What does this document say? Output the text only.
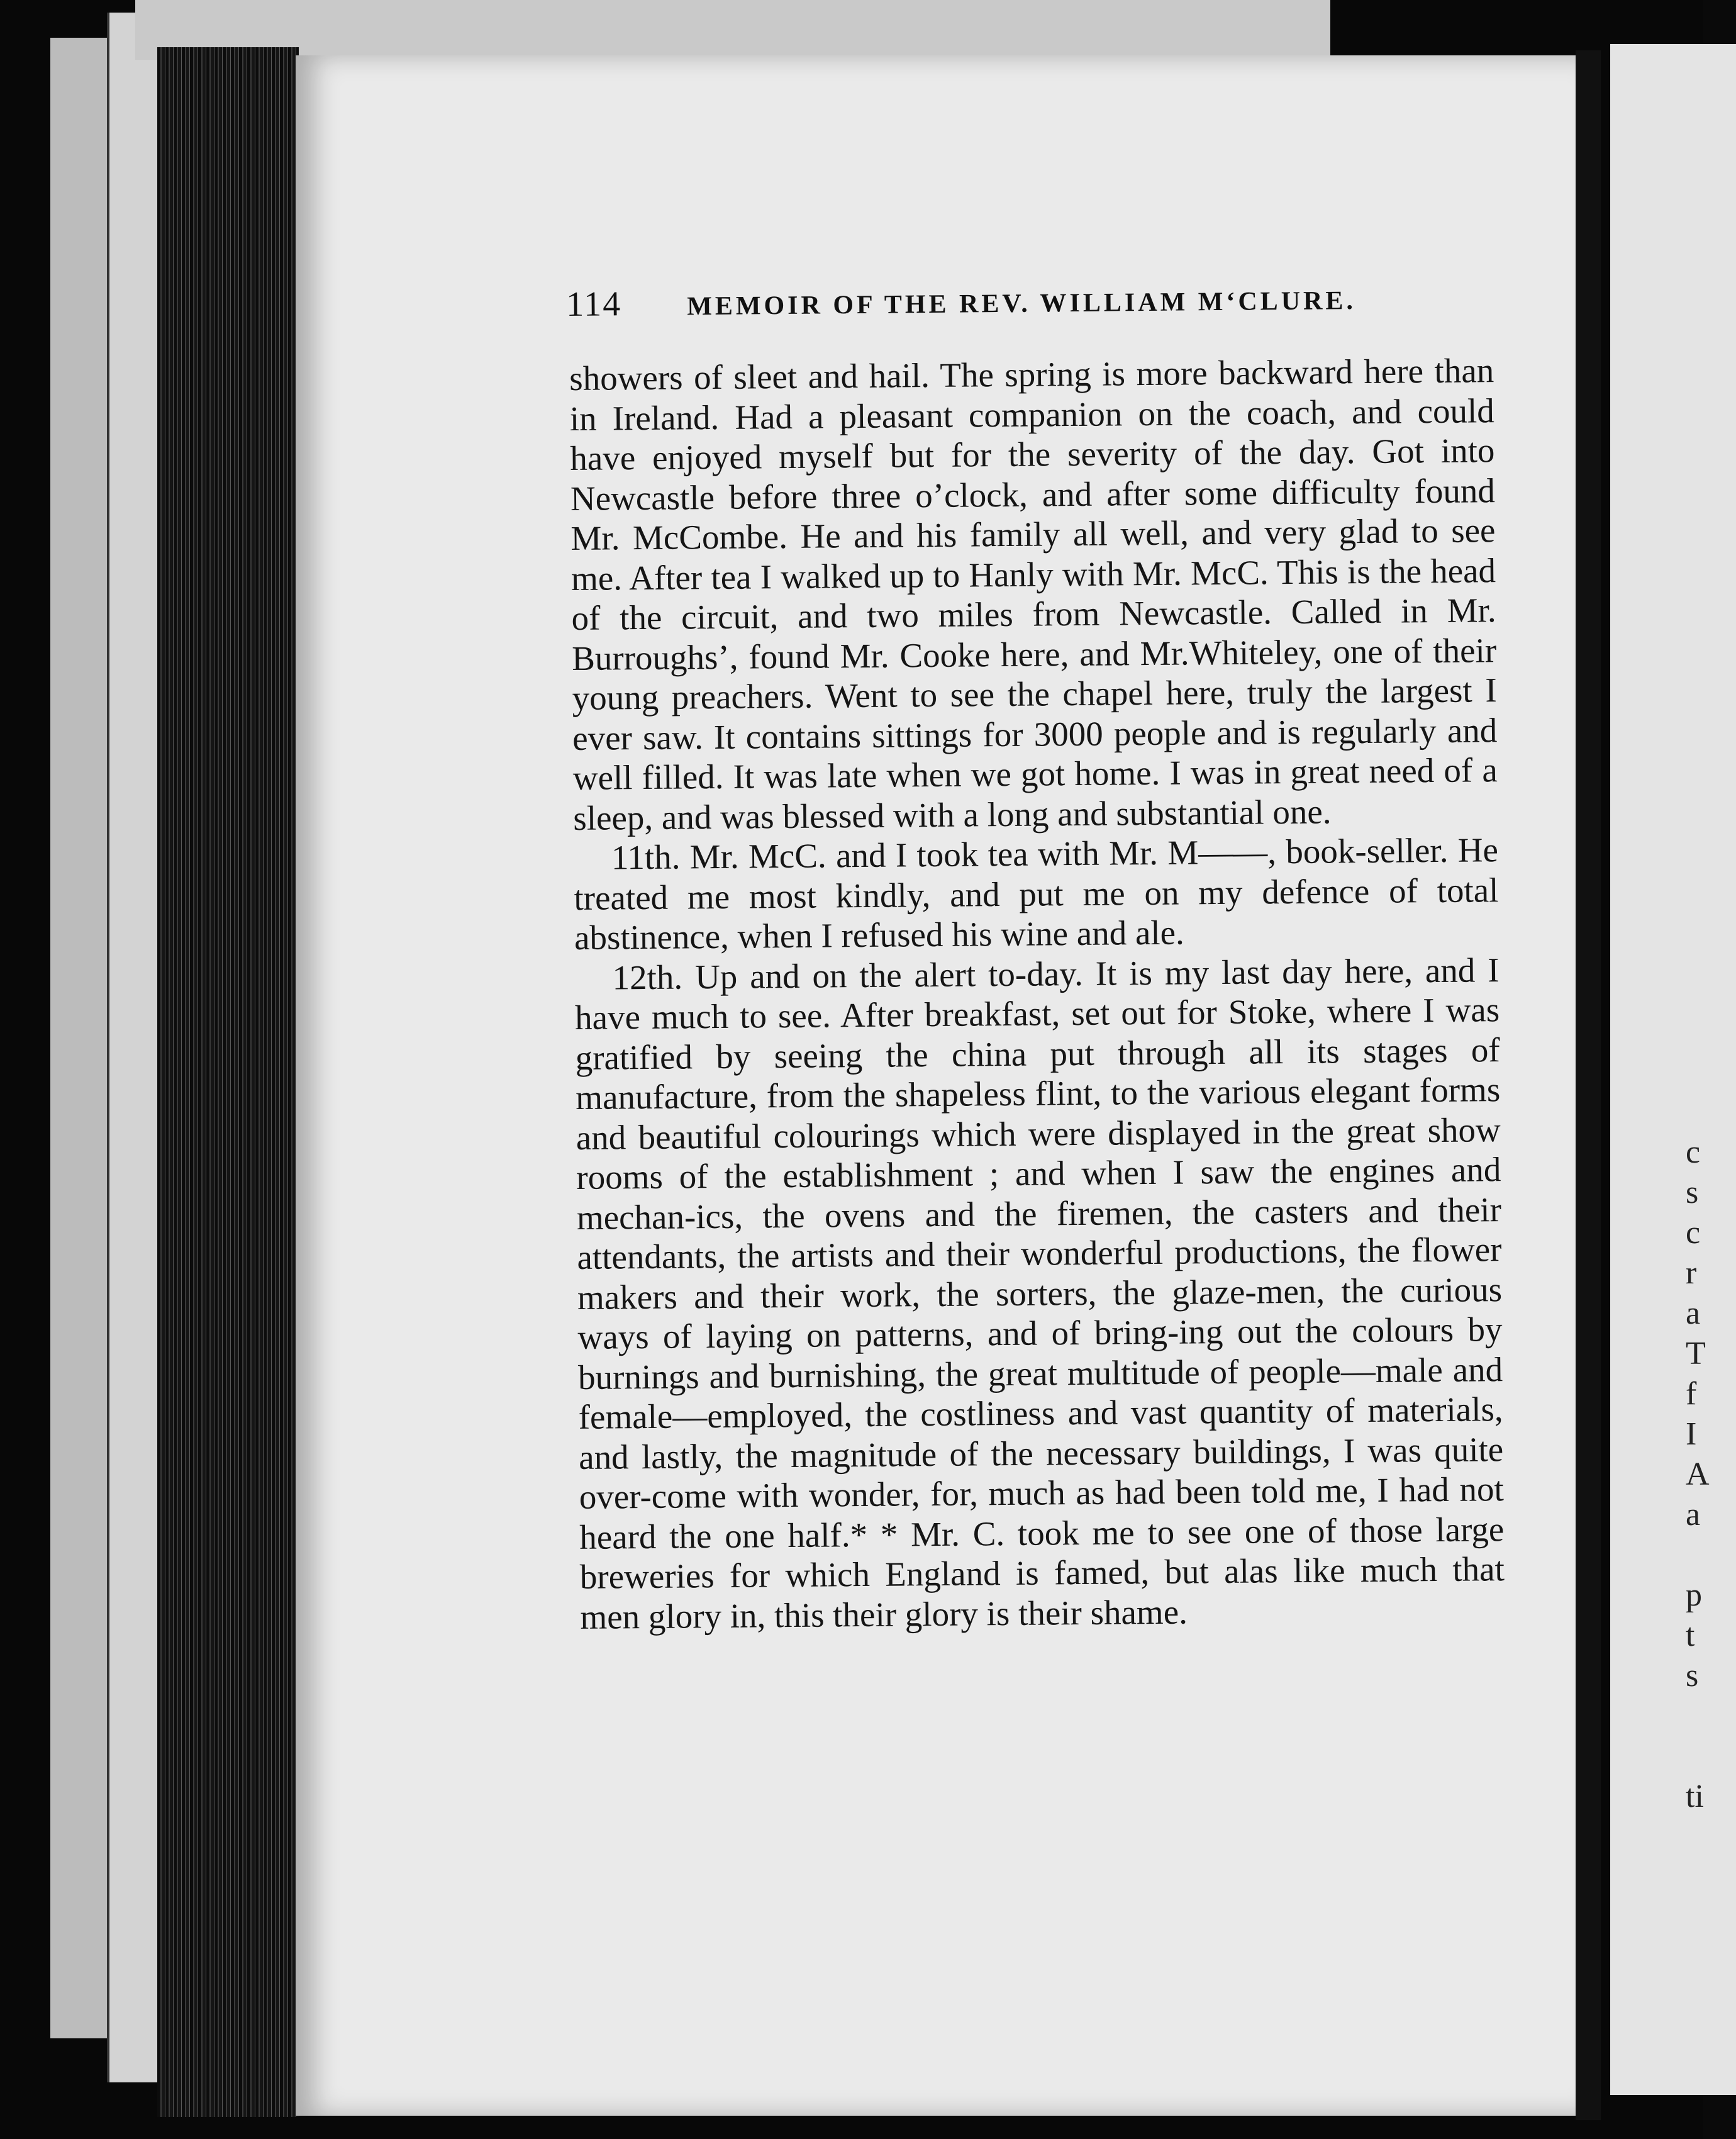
114 MEMOIR OF THE REV. WILLIAM M‘CLURE.

showers of sleet and hail. The spring is more backward here than in Ireland. Had a pleasant companion on the coach, and could have enjoyed myself but for the severity of the day. Got into Newcastle before three o’clock, and after some difficulty found Mr. McCombe. He and his family all well, and very glad to see me. After tea I walked up to Hanly with Mr. McC. This is the head of the circuit, and two miles from Newcastle. Called in Mr. Burroughs’, found Mr. Cooke here, and Mr.Whiteley, one of their young preachers. Went to see the chapel here, truly the largest I ever saw. It contains sittings for 3000 people and is regularly and well filled. It was late when we got home. I was in great need of a sleep, and was blessed with a long and substantial one.

11th. Mr. McC. and I took tea with Mr. M——, book-seller. He treated me most kindly, and put me on my defence of total abstinence, when I refused his wine and ale.

12th. Up and on the alert to-day. It is my last day here, and I have much to see. After breakfast, set out for Stoke, where I was gratified by seeing the china put through all its stages of manufacture, from the shapeless flint, to the various elegant forms and beautiful colourings which were displayed in the great show rooms of the establishment ; and when I saw the engines and mechan-ics, the ovens and the firemen, the casters and their attendants, the artists and their wonderful productions, the flower makers and their work, the sorters, the glaze-men, the curious ways of laying on patterns, and of bring-ing out the colours by burnings and burnishing, the great multitude of people—male and female—employed, the costliness and vast quantity of materials, and lastly, the magnitude of the necessary buildings, I was quite over-come with wonder, for, much as had been told me, I had not heard the one half.* * Mr. C. took me to see one of those large breweries for which England is famed, but alas like much that men glory in, this their glory is their shame.

c
s
c
r
a
T
f
I
A
a

p
t
s

ti
